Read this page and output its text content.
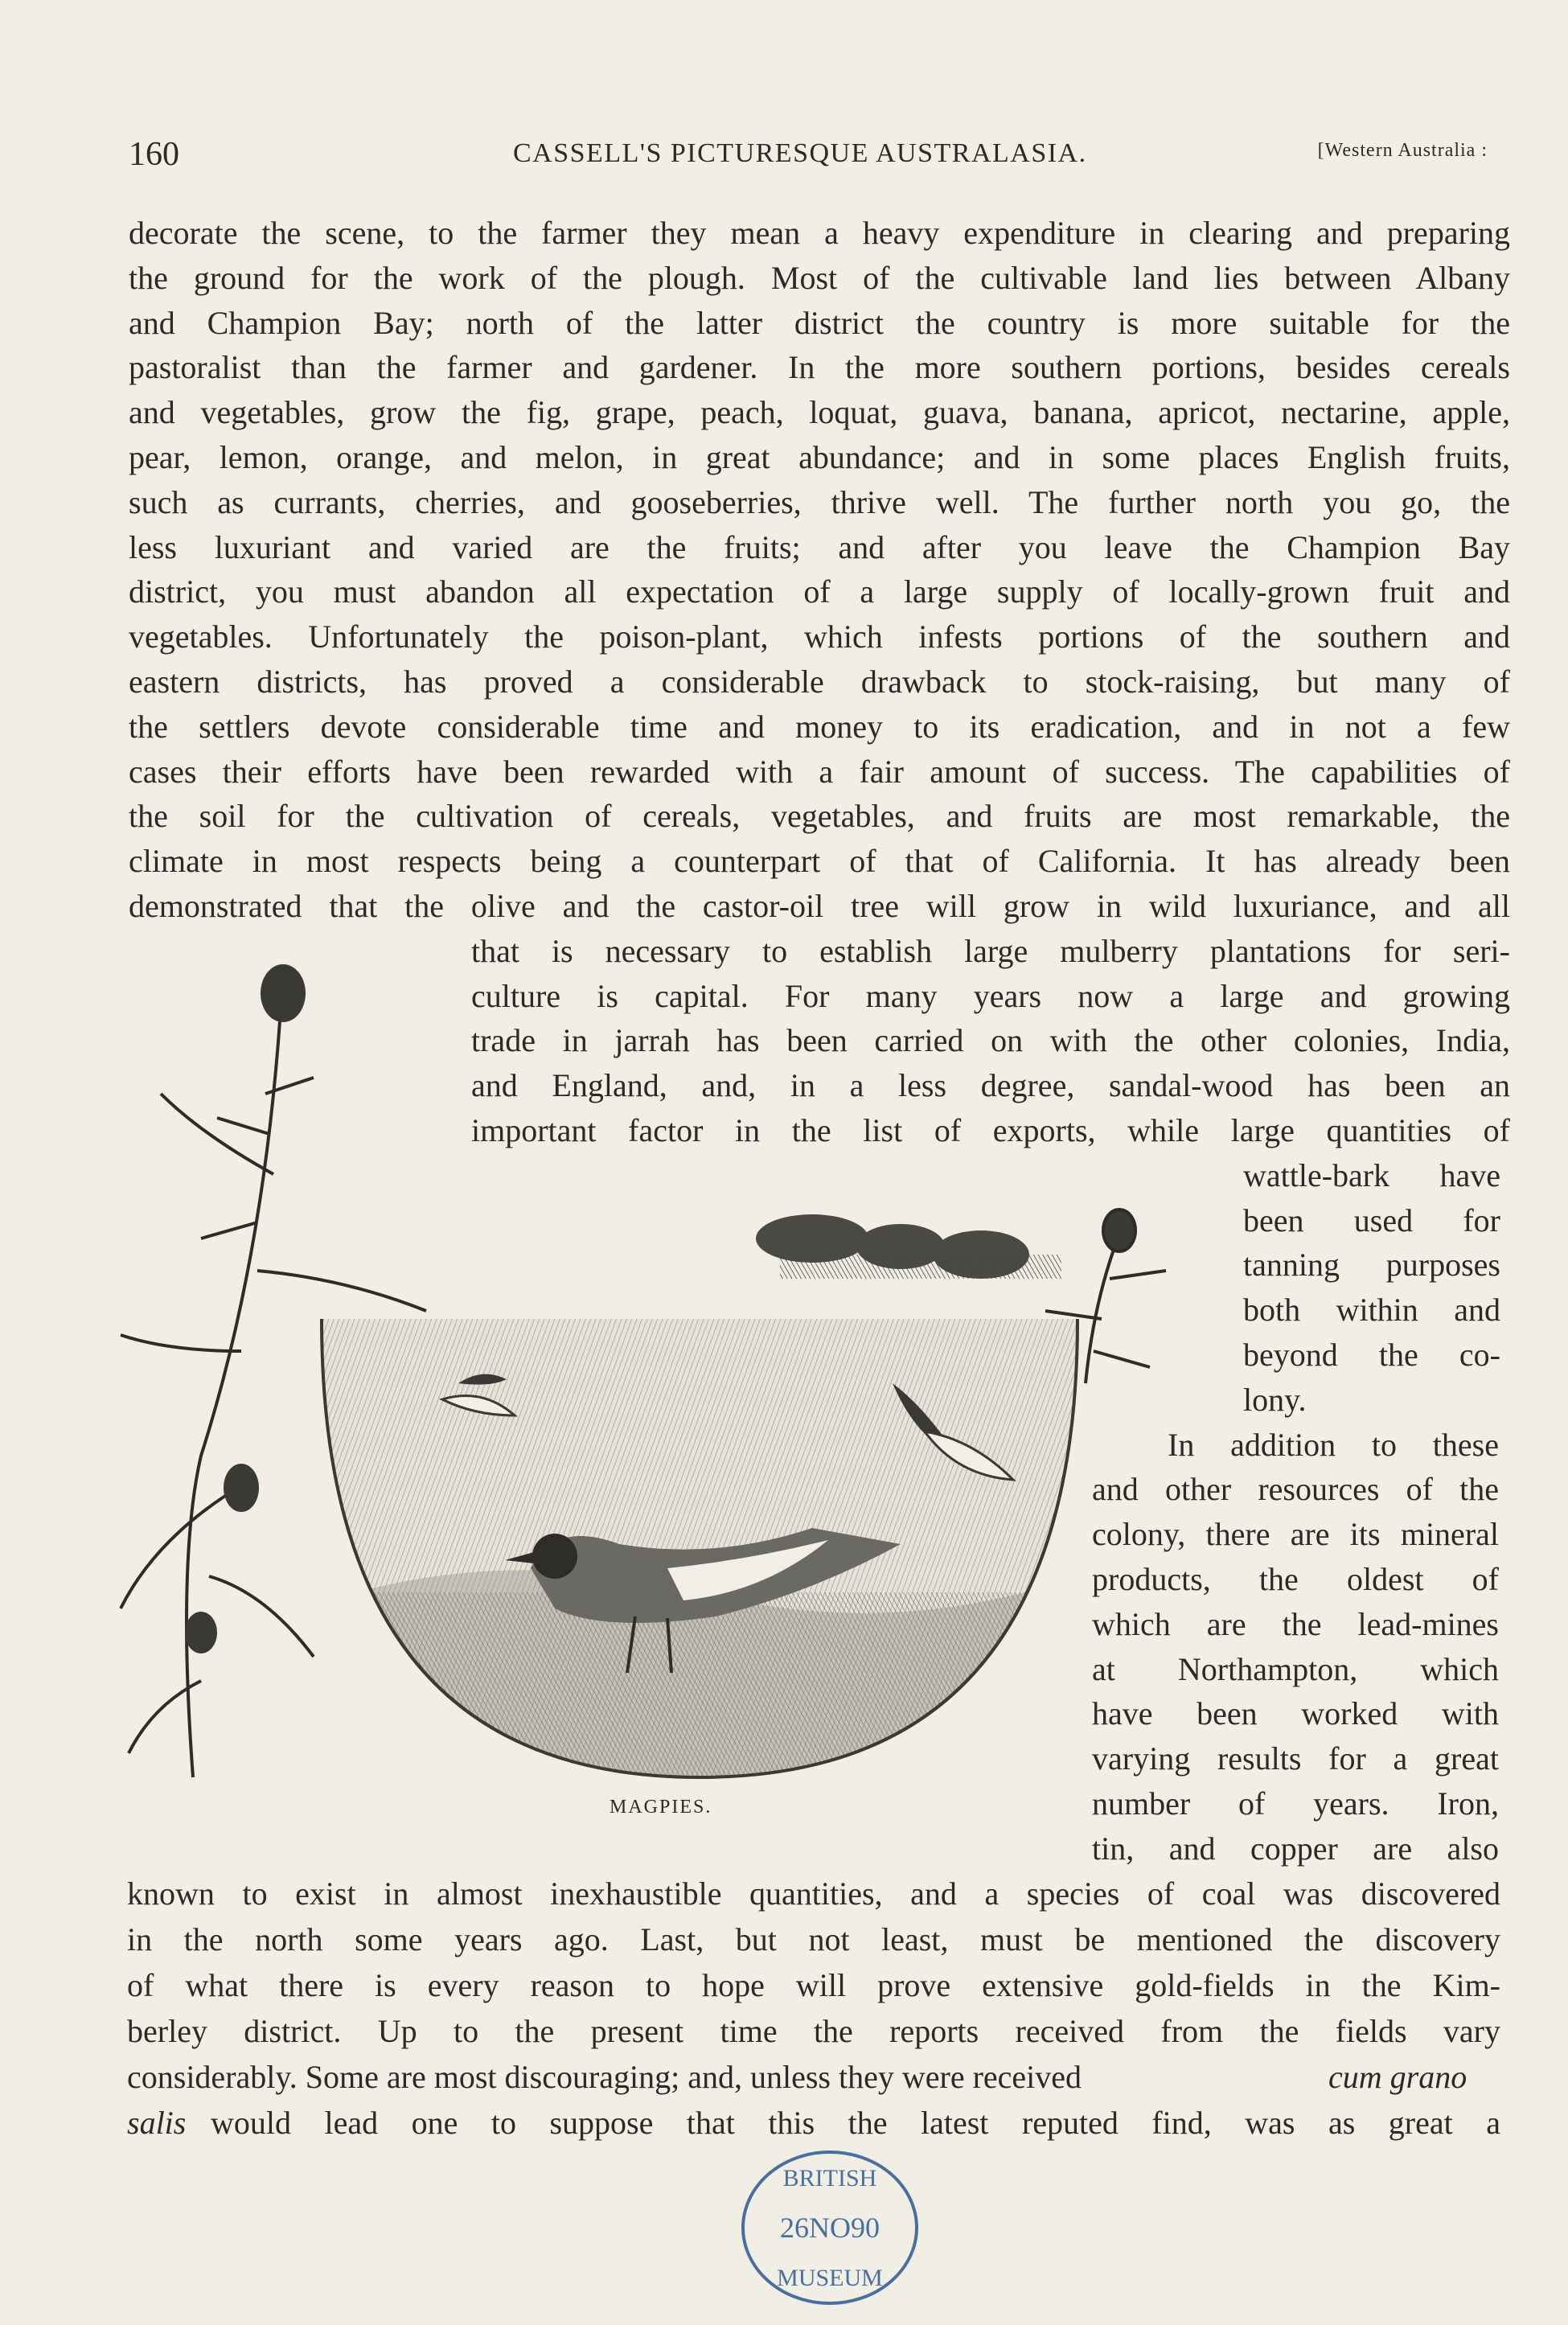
160	CASSELL'S PICTURESQUE AUSTRALASIA.	[Western Australia :
decorate the scene, to the farmer they mean a heavy expenditure in clearing and preparing
the ground for the work of the plough. Most of the cultivable land lies between Albany
and Champion Bay; north of the latter district the country is more suitable for the
pastoralist than the farmer and gardener. In the more southern portions, besides cereals
and vegetables, grow the fig, grape, peach, loquat, guava, banana, apricot, nectarine, apple,
pear, lemon, orange, and melon, in great abundance; and in some places English fruits,
such as currants, cherries, and gooseberries, thrive well. The further north you go, the
less luxuriant and varied are the fruits; and after you leave the Champion Bay
district, you must abandon all expectation of a large supply of locally-grown fruit and
vegetables. Unfortunately the poison-plant, which infests portions of the southern and
eastern districts, has proved a considerable drawback to stock-raising, but many of
the settlers devote considerable time and money to its eradication, and in not a few
cases their efforts have been rewarded with a fair amount of success. The capabilities of
the soil for the cultivation of cereals, vegetables, and fruits are most remarkable, the
climate in most respects being a counterpart of that of California. It has already been
demonstrated that the olive and the castor-oil tree will grow in wild luxuriance, and all
that is necessary to establish large mulberry plantations for seri-
culture is capital. For many years now a large and growing
trade in jarrah has been carried on with the other colonies, India,
and England, and, in a less degree, sandal-wood has been an
important factor in the list of exports, while large quantities of
wattle-bark have
been used for
tanning purposes
both within and
beyond the co-
lony.
In addition to these
and other resources of the
colony, there are its mineral
products, the oldest of
which are the lead-mines
at Northampton, which
have been worked with
varying results for a great
number of years. Iron,
tin, and copper are also
known to exist in almost inexhaustible quantities, and a species of coal was discovered
in the north some years ago. Last, but not least, must be mentioned the discovery
of what there is every reason to hope will prove extensive gold-fields in the Kim-
berley district. Up to the present time the reports received from the fields vary
considerably. Some are most discouraging; and, unless they were received	cum grano
salis would lead one to suppose that this the latest reputed find, was as great a
MAGPIES.
BRITISH
26NO90
MUSEUM
